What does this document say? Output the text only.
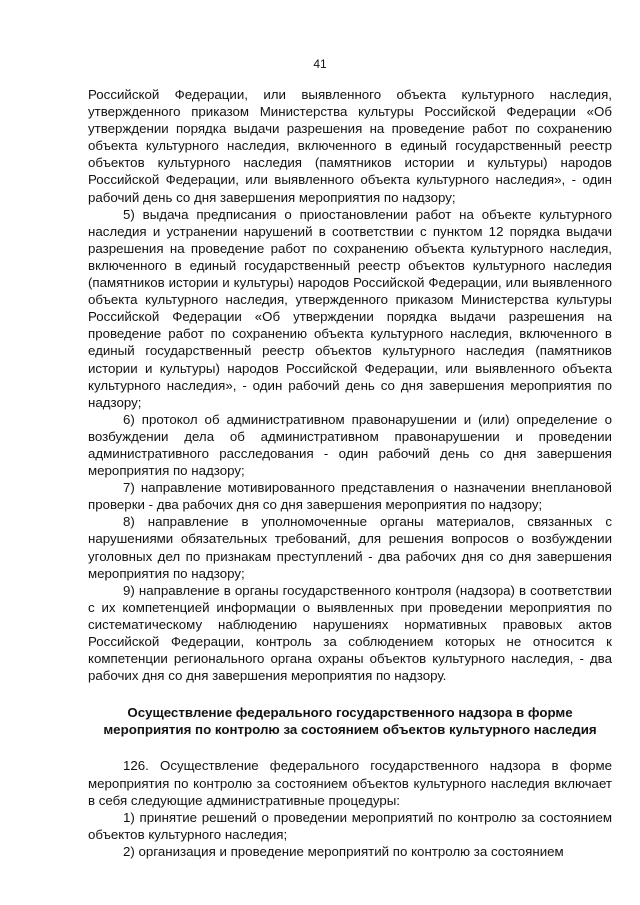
41

Российской Федерации, или выявленного объекта культурного наследия, утвержденного приказом Министерства культуры Российской Федерации «Об утверждении порядка выдачи разрешения на проведение работ по сохранению объекта культурного наследия, включенного в единый государственный реестр объектов культурного наследия (памятников истории и культуры) народов Российской Федерации, или выявленного объекта культурного наследия», - один рабочий день со дня завершения мероприятия по надзору;

5) выдача предписания о приостановлении работ на объекте культурного наследия и устранении нарушений в соответствии с пунктом 12 порядка выдачи разрешения на проведение работ по сохранению объекта культурного наследия, включенного в единый государственный реестр объектов культурного наследия (памятников истории и культуры) народов Российской Федерации, или выявленного объекта культурного наследия, утвержденного приказом Министерства культуры Российской Федерации «Об утверждении порядка выдачи разрешения на проведение работ по сохранению объекта культурного наследия, включенного в единый государственный реестр объектов культурного наследия (памятников истории и культуры) народов Российской Федерации, или выявленного объекта культурного наследия», - один рабочий день со дня завершения мероприятия по надзору;

6) протокол об административном правонарушении и (или) определение о возбуждении дела об административном правонарушении и проведении административного расследования - один рабочий день со дня завершения мероприятия по надзору;

7) направление мотивированного представления о назначении внеплановой проверки - два рабочих дня со дня завершения мероприятия по надзору;

8) направление в уполномоченные органы материалов, связанных с нарушениями обязательных требований, для решения вопросов о возбуждении уголовных дел по признакам преступлений - два рабочих дня со дня завершения мероприятия по надзору;

9) направление в органы государственного контроля (надзора) в соответствии с их компетенцией информации о выявленных при проведении мероприятия по систематическому наблюдению нарушениях нормативных правовых актов Российской Федерации, контроль за соблюдением которых не относится к компетенции регионального органа охраны объектов культурного наследия, - два рабочих дня со дня завершения мероприятия по надзору.

Осуществление федерального государственного надзора в форме
мероприятия по контролю за состоянием объектов культурного наследия

126. Осуществление федерального государственного надзора в форме мероприятия по контролю за состоянием объектов культурного наследия включает в себя следующие административные процедуры:

1) принятие решений о проведении мероприятий по контролю за состоянием объектов культурного наследия;

2) организация и проведение мероприятий по контролю за состоянием
